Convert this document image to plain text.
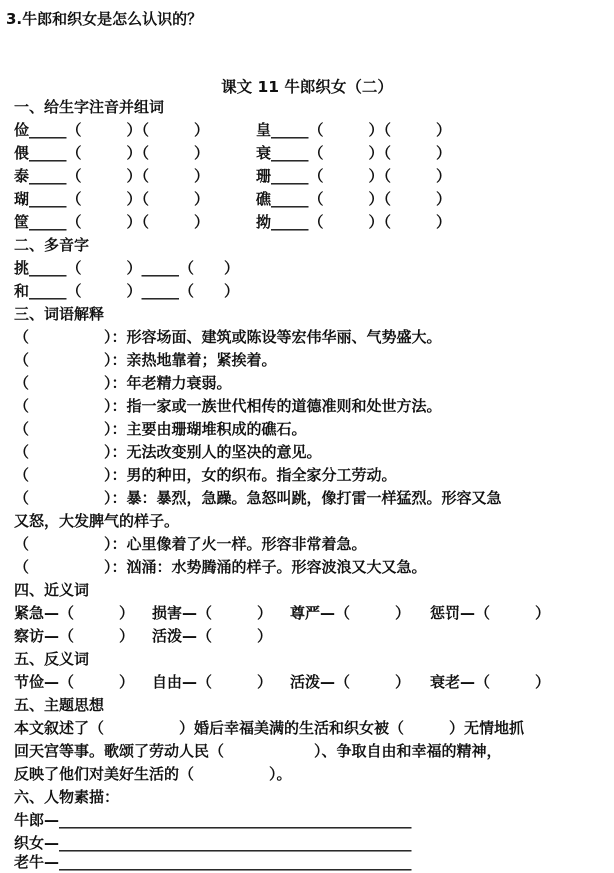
3.牛郎和织女是怎么认识的？
课文 11 牛郎织女（二）
一、给生字注音并组词
俭_____（　　　）（　　　）
偎_____（　　　）（　　　）
泰_____（　　　）（　　　）
瑚_____（　　　）（　　　）
筐_____（　　　）（　　　）
皇_____（　　　）（　　　）
衰_____（　　　）（　　　）
珊_____（　　　）（　　　）
礁_____（　　　）（　　　）
拗_____（　　　）（　　　）
二、多音字
挑_____（　　　）_____（　　）
和_____（　　　）_____（　　）
三、词语解释
（　　　　　）：形容场面、建筑或陈设等宏伟华丽、气势盛大。
（　　　　　）：亲热地靠着；紧挨着。
（　　　　　）：年老精力衰弱。
（　　　　　）：指一家或一族世代相传的道德准则和处世方法。
（　　　　　）：主要由珊瑚堆积成的礁石。
（　　　　　）：无法改变别人的坚决的意见。
（　　　　　）：男的种田，女的织布。指全家分工劳动。
（　　　　　）：暴：暴烈，急躁。急怒叫跳，像打雷一样猛烈。形容又急
又怒，大发脾气的样子。
（　　　　　）：心里像着了火一样。形容非常着急。
（　　　　　）：汹涌：水势腾涌的样子。形容波浪又大又急。
四、近义词
紧急—（　　　） 损害—（　　　） 尊严—（　　　） 惩罚—（　　　）
察访—（　　　） 活泼—（　　　）
五、反义词
节俭—（　　　） 自由—（　　　） 活泼—（　　　） 衰老—（　　　）
五、主题思想
本文叙述了（　　　　　）婚后幸福美满的生活和织女被（　　　）无情地抓
回天宫等事。歌颂了劳动人民（　　　　　　）、争取自由和幸福的精神，
反映了他们对美好生活的（　　　　　）。
六、人物素描：
牛郎—_______________________________________________
织女—_______________________________________________
老牛—_______________________________________________
